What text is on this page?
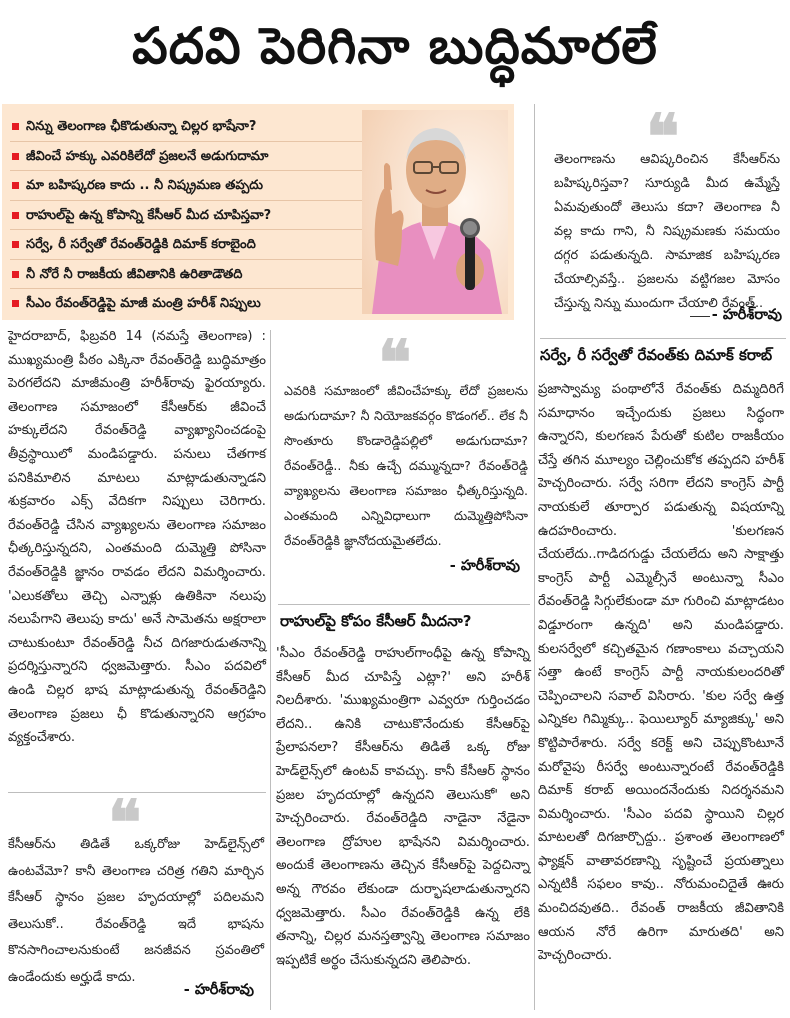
పదవి పెరిగినా బుద్ధిమారలే
నిన్ను తెలంగాణ ఛీకొడుతున్నా చిల్లర భాషేనా?
జీవించే హక్కు ఎవరికిలేదో ప్రజలనే అడుగుదామా
మా బహిష్కరణ కాదు .. నీ నిష్క్రమణ తప్పదు
రాహుల్‌పై ఉన్న కోపాన్ని కేసీఆర్ మీద చూపిస్తవా?
సర్వే, రీ సర్వేతో రేవంత్‌రెడ్డికి దిమాక్ కరాబైంది
నీ నోరే నీ రాజకీయ జీవితానికి ఉరితాడౌతది
సీఎం రేవంత్‌రెడ్డిపై మాజీ మంత్రి హరీశ్ నిప్పులు
❝
తెలంగాణను ఆవిష్కరించిన కేసీఆర్‌ను బహిష్కరిస్తవా? సూర్యుడి మీద ఉమ్మేస్తే ఏమవుతుందో తెలుసు కదా? తెలంగాణ నీ వల్ల కాదు గాని, నీ నిష్క్రమణకు సమయం దగ్గర పడుతున్నది. సామాజిక బహిష్కరణ చేయాల్సివస్తే.. ప్రజలను వట్టిగజల మోసం చేస్తున్న నిన్ను ముందుగా చేయాలి రేవంత్..
- హరీశ్‌రావు
హైదరాబాద్, ఫిబ్రవరి 14 (నమస్తే తెలంగాణ) : ముఖ్యమంత్రి పీఠం ఎక్కినా రేవంత్‌రెడ్డి బుద్ధిమాత్రం పెరగలేదని మాజీమంత్రి హరీశ్‌రావు ఫైరయ్యారు. తెలంగాణ సమాజంలో కేసీఆర్‌కు జీవించే హక్కులేదని రేవంత్‌రెడ్డి వ్యాఖ్యానించడంపై తీవ్రస్థాయిలో మండిపడ్డారు. పనులు చేతగాక పనికిమాలిన మాటలు మాట్లాడుతున్నాడని శుక్రవారం ఎక్స్ వేదికగా నిప్పులు చెరిగారు. రేవంత్‌రెడ్డి చేసిన వ్యాఖ్యలను తెలంగాణ సమాజం ఛీత్కరిస్తున్నదని, ఎంతమంది దుమ్మెత్తి పోసినా రేవంత్‌రెడ్డికి జ్ఞానం రావడం లేదని విమర్శించారు. 'ఎలుకతోలు తెచ్చి ఎన్నాళ్లు ఉతికినా నలుపు నలుపేగాని తెలుపు కాదు' అనే సామెతను అక్షరాలా చాటుకుంటూ రేవంత్‌రెడ్డి నీచ దిగజారుడుతనాన్ని ప్రదర్శిస్తున్నారని ధ్వజమెత్తారు. సీఎం పదవిలో ఉండి చిల్లర భాష మాట్లాడుతున్న రేవంత్‌రెడ్డిని తెలంగాణ ప్రజలు ఛీ కొడుతున్నారని ఆగ్రహం వ్యక్తంచేశారు.
❝
కేసీఆర్‌ను తిడితే ఒక్కరోజు హెడ్‌లైన్స్‌లో ఉంటవేమో? కానీ తెలంగాణ చరిత్ర గతిని మార్చిన కేసీఆర్ స్థానం ప్రజల హృదయాల్లో పదిలమని తెలుసుకో.. రేవంత్‌రెడ్డి ఇదే భాషను కొనసాగించాలనుకుంటే జనజీవన స్రవంతిలో ఉండేందుకు అర్హుడే కాదు.
- హరీశ్‌రావు
❝
ఎవరికి సమాజంలో జీవించేహక్కు లేదో ప్రజలను అడుగుదామా? నీ నియోజకవర్గం కొడంగల్.. లేక నీ సొంతూరు కొండారెడ్డిపల్లిలో అడుగుదామా? రేవంత్‌రెడ్డీ.. నీకు ఉచ్చే దమ్మున్నదా? రేవంత్‌రెడ్డి వ్యాఖ్యలను తెలంగాణ సమాజం ఛీత్కరిస్తున్నది. ఎంతమంది ఎన్నివిధాలుగా దుమ్మెత్తిపోసినా రేవంత్‌రెడ్డికి జ్ఞానోదయమైతలేదు.
- హరీశ్‌రావు
రాహుల్‌పై కోపం కేసీఆర్ మీదనా?
'సీఎం రేవంత్‌రెడ్డి రాహుల్‌గాంధీపై ఉన్న కోపాన్ని కేసీఆర్ మీద చూపిస్తే ఎట్లా?' అని హరీశ్ నిలదీశారు. 'ముఖ్యమంత్రిగా ఎవ్వరూ గుర్తించడం లేదని.. ఉనికి చాటుకొనేందుకు కేసీఆర్‌పై ప్రేలాపనలా? కేసీఆర్‌ను తిడితే ఒక్క రోజు హెడ్‌లైన్స్‌లో ఉంటవ్ కావచ్చు. కానీ కేసీఆర్ స్థానం ప్రజల హృదయాల్లో ఉన్నదని తెలుసుకో' అని హెచ్చరించారు. రేవంత్‌రెడ్డిది నాడైనా నేడైనా తెలంగాణ ద్రోహుల భాషేనని విమర్శించారు. అందుకే తెలంగాణను తెచ్చిన కేసీఆర్‌పై పెద్దచిన్నా అన్న గౌరవం లేకుండా దుర్భాషలాడుతున్నారని ధ్వజమెత్తారు. సీఎం రేవంత్‌రెడ్డికి ఉన్న లేకి తనాన్ని, చిల్లర మనస్తత్వాన్ని తెలంగాణ సమాజం ఇప్పటికే అర్థం చేసుకున్నదని తెలిపారు.
సర్వే, రీ సర్వేతో రేవంత్‌కు దిమాక్ కరాబ్
ప్రజాస్వామ్య పంథాలోనే రేవంత్‌కు దిమ్మదిరిగే సమాధానం ఇచ్చేందుకు ప్రజలు సిద్ధంగా ఉన్నారని, కులగణన పేరుతో కుటిల రాజకీయం చేస్తే తగిన మూల్యం చెల్లించుకోక తప్పదని హరీశ్ హెచ్చరించారు. సర్వే సరిగా లేదని కాంగ్రెస్ పార్టీ నాయకులే తూర్పార పడుతున్న విషయాన్ని ఉదహరించారు. 'కులగణన చేయలేదు..గాడిదగుడ్డు చేయలేదు అని సాక్షాత్తు కాంగ్రెస్ పార్టీ ఎమ్మెల్సీనే అంటున్నా సీఎం రేవంత్‌రెడ్డి సిగ్గులేకుండా మా గురించి మాట్లాడటం విడ్డూరంగా ఉన్నది' అని మండిపడ్డారు. కులసర్వేలో కచ్చితమైన గణాంకాలు వచ్చాయని సత్తా ఉంటే కాంగ్రెస్ పార్టీ నాయకులందరితో చెప్పించాలని సవాల్ విసిరారు. 'కుల సర్వే ఉత్త ఎన్నికల గిమ్మిక్కు.. ఫెయిల్యూర్ మ్యాజిక్కు' అని కొట్టిపారేశారు. సర్వే కరెక్ట్ అని చెప్పుకొంటూనే మరోవైపు రీసర్వే అంటున్నారంటే రేవంత్‌రెడ్డికి దిమాక్ కరాబ్ అయిందనేందుకు నిదర్శనమని విమర్శించారు. 'సీఎం పదవి స్థాయిని చిల్లర మాటలతో దిగజార్చొద్దు.. ప్రశాంత తెలంగాణలో ఫ్యాక్షన్ వాతావరణాన్ని సృష్టించే ప్రయత్నాలు ఎన్నటికీ సఫలం కావు.. నోరుమంచిదైతే ఊరు మంచిదవుతది.. రేవంత్ రాజకీయ జీవితానికి ఆయన నోరే ఉరిగా మారుతది' అని హెచ్చరించారు.
